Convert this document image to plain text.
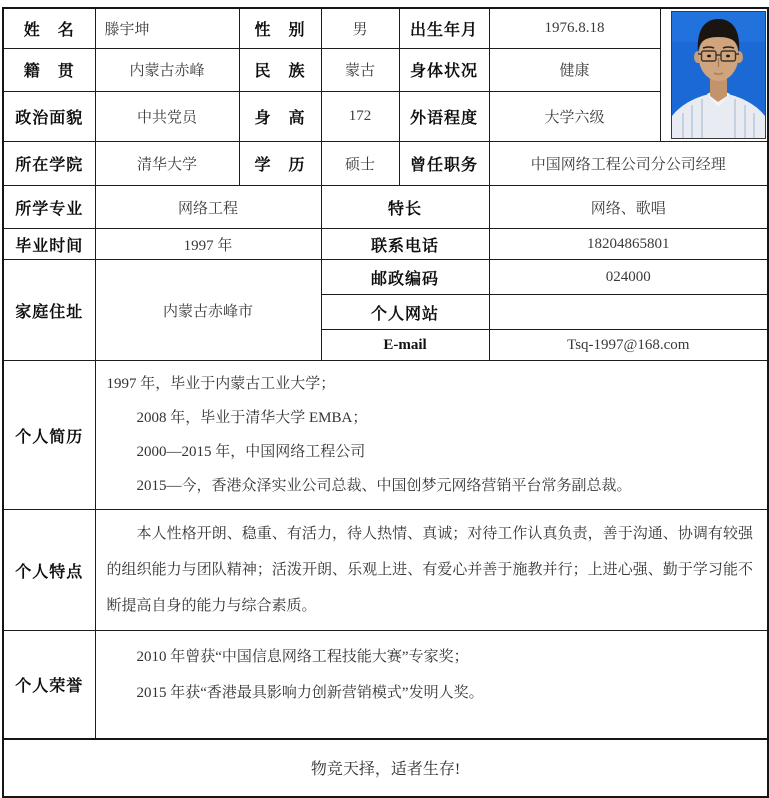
姓　名	滕宇坤	性　别	男	出生年月	1976.8.18	

籍　贯	内蒙古赤峰	民　族	蒙古	身体状况	健康	
政治面貌	中共党员	身　高	172	外语程度	大学六级	
所在学院	清华大学	学　历	硕士	曾任职务	中国网络工程公司分公司经理	
所学专业	网络工程		特长		网络、歌唱	
毕业时间	1997 年		联系电话		18204865801	
家庭住址	内蒙古赤峰市		邮政编码		024000	
			个人网站			
			E-mail		Tsq-1997@168.com	
个人简历	1997 年，毕业于内蒙古工业大学；

2008 年，毕业于清华大学 EMBA；

2000—2015 年，中国网络工程公司

2015—今，香港众泽实业公司总裁、中国创梦元网络营销平台常务副总裁。					

个人特点	本人性格开朗、稳重、有活力，待人热情、真诚；对待工作认真负责，善于沟通、协调有较强的组织能力与团队精神；活泼开朗、乐观上进、有爱心并善于施教并行；上进心强、勤于学习能不断提高自身的能力与综合素质。					

个人荣誉	2010 年曾获“中国信息网络工程技能大赛”专家奖；

2015 年获“香港最具影响力创新营销模式”发明人奖。					

物竞天择，适者生存!						
